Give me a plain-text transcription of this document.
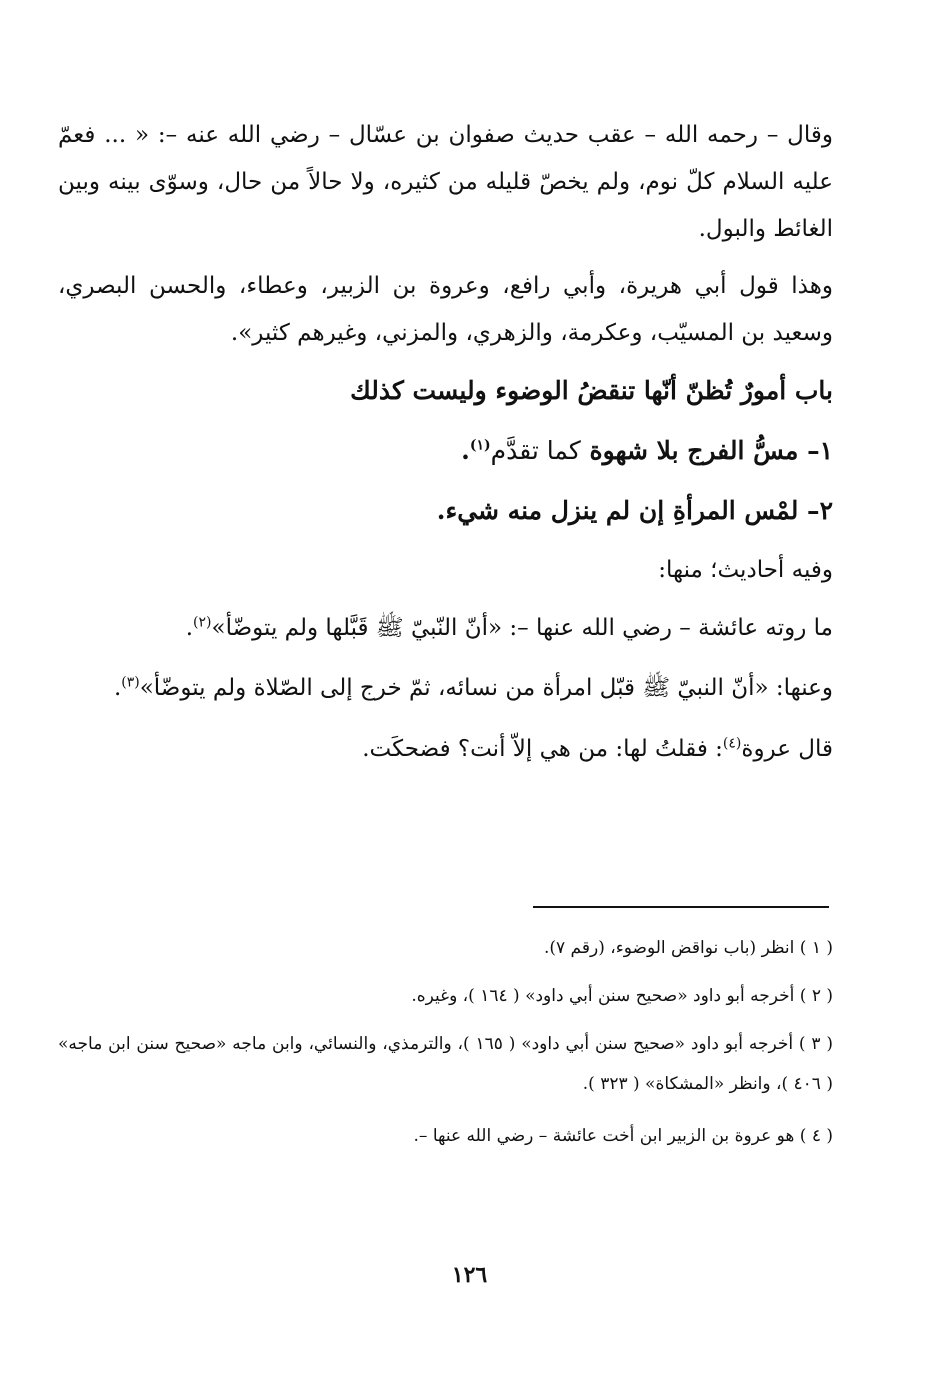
وقال – رحمه الله – عقب حديث صفوان بن عسّال – رضي الله عنه –: « ... فعمّ عليه السلام كلّ نوم، ولم يخصّ قليله من كثيره، ولا حالاً من حال، وسوّى بينه وبين الغائط والبول.

وهذا قول أبي هريرة، وأبي رافع، وعروة بن الزبير، وعطاء، والحسن البصري، وسعيد بن المسيّب، وعكرمة، والزهري، والمزني، وغيرهم كثير».

باب أمورٌ تُظنّ أنّها تنقضُ الوضوء وليست كذلك

١– مسُّ الفرج بلا شهوة كما تقدَّم$^{(١)}$.

٢– لمْس المرأةِ إن لم ينزل منه شيء.

وفيه أحاديث؛ منها:

ما روته عائشة – رضي الله عنها –: «أنّ النّبيّ ﷺ قَبَّلها ولم يتوضّأ»$^{(٢)}$.

وعنها: «أنّ النبيّ ﷺ قبّل امرأة من نسائه، ثمّ خرج إلى الصّلاة ولم يتوضّأ»$^{(٣)}$.

قال عروة$^{(٤)}$: فقلتُ لها: من هي إلاّ أنت؟ فضحكَت.

( ١ ) انظر (باب نواقض الوضوء، (رقم ٧).

( ٢ ) أخرجه أبو داود «صحيح سنن أبي داود» ( ١٦٤ )، وغيره.

( ٣ ) أخرجه أبو داود «صحيح سنن أبي داود» ( ١٦٥ )، والترمذي، والنسائي، وابن ماجه «صحيح سنن ابن ماجه» ( ٤٠٦ )، وانظر «المشكاة» ( ٣٢٣ ).

( ٤ ) هو عروة بن الزبير ابن أخت عائشة – رضي الله عنها –.

١٢٦
